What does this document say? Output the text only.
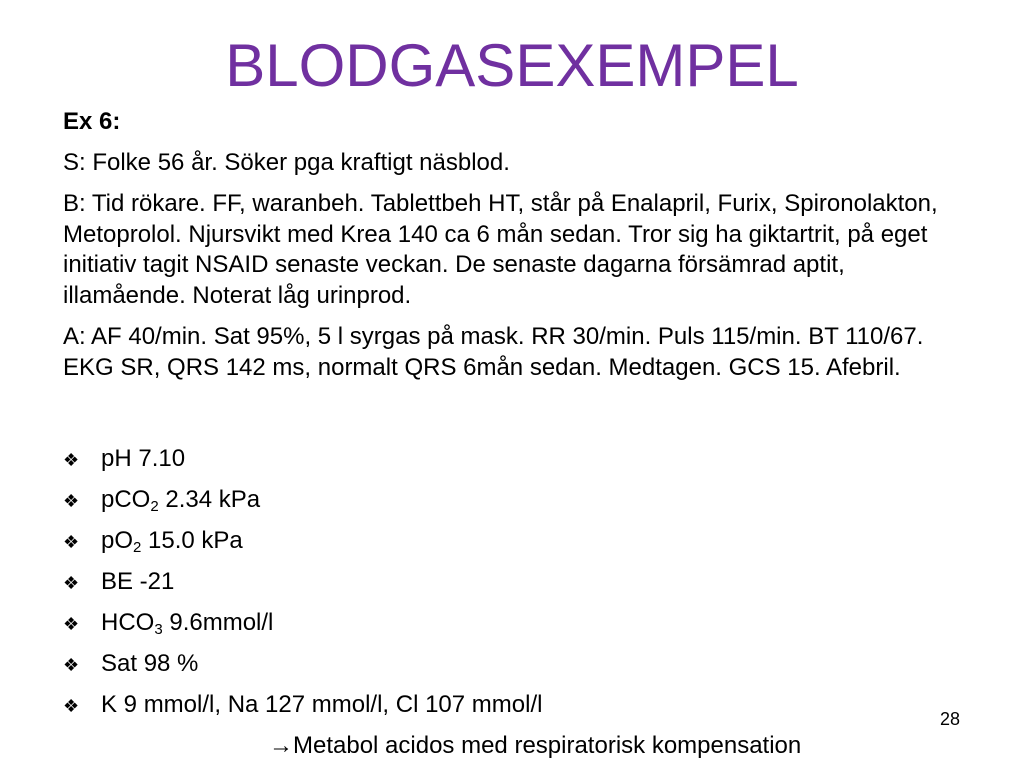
BLODGASEXEMPEL

Ex 6:

S: Folke 56 år. Söker pga kraftigt näsblod.

B: Tid rökare. FF, waranbeh. Tablettbeh HT, står på Enalapril, Furix, Spironolakton, Metoprolol. Njursvikt med Krea 140 ca 6 mån sedan. Tror sig ha giktartrit, på eget initiativ tagit NSAID senaste veckan. De senaste dagarna försämrad aptit, illamående. Noterat låg urinprod.

A: AF 40/min. Sat 95%, 5 l syrgas på mask. RR 30/min. Puls 115/min. BT 110/67. EKG SR, QRS 142 ms, normalt QRS 6mån sedan. Medtagen. GCS 15. Afebril.

❖ pH 7.10
❖ pCO$_2$ 2.34 kPa
❖ $pO_2$ 15.0 kPa
❖ BE -21
❖ $HCO_3$ 9.6mmol/l
❖ Sat 98 %
❖ K 9 mmol/l, Na 127 mmol/l, Cl 107 mmol/l
28
→Metabol acidos med respiratorisk kompensation
